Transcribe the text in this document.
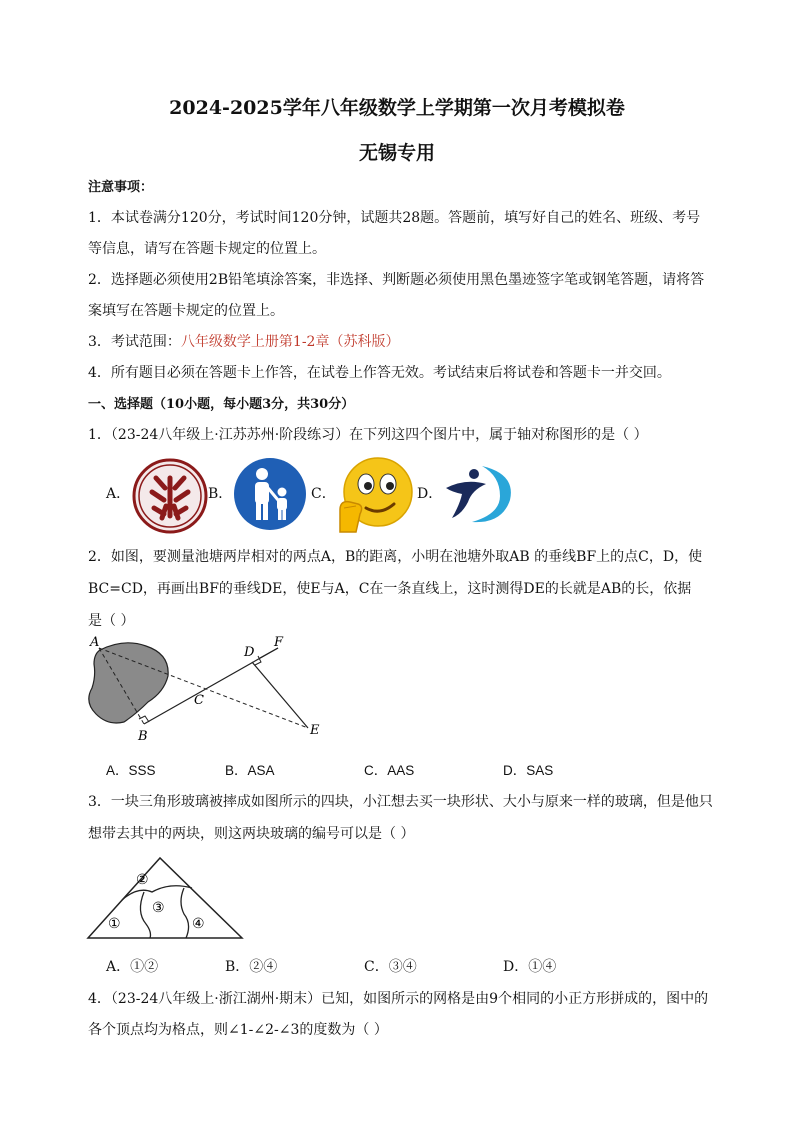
2024-2025学年八年级数学上学期第一次月考模拟卷
无锡专用
注意事项：
1．本试卷满分120分，考试时间120分钟，试题共28题。答题前，填写好自己的姓名、班级、考号
等信息，请写在答题卡规定的位置上。
2．选择题必须使用2B铅笔填涂答案，非选择、判断题必须使用黑色墨迹签字笔或钢笔答题，请将答
案填写在答题卡规定的位置上。
3．考试范围：八年级数学上册第1-2章（苏科版）
4．所有题目必须在答题卡上作答，在试卷上作答无效。考试结束后将试卷和答题卡一并交回。
一、选择题（10小题，每小题3分，共30分）
1．（23-24八年级上·江苏苏州·阶段练习）在下列这四个图片中，属于轴对称图形的是（ ）
A．	B．	C．	D．
2．如图，要测量池塘两岸相对的两点A，B的距离，小明在池塘外取AB 的垂线BF上的点C，D，使
BC=CD，再画出BF的垂线DE，使E与A，C在一条直线上，这时测得DE的长就是AB的长，依据
是（ ）
A
B
C
D
E
F
A．SSS	B．ASA	C．AAS	D．SAS
3．一块三角形玻璃被摔成如图所示的四块，小江想去买一块形状、大小与原来一样的玻璃，但是他只
想带去其中的两块，则这两块玻璃的编号可以是（ ）
①
②
③
④
A．①②	B．②④	C．③④	D．①④
4．（23-24八年级上·浙江湖州·期末）已知，如图所示的网格是由9个相同的小正方形拼成的，图中的
各个顶点均为格点，则∠1-∠2-∠3的度数为（ ）
